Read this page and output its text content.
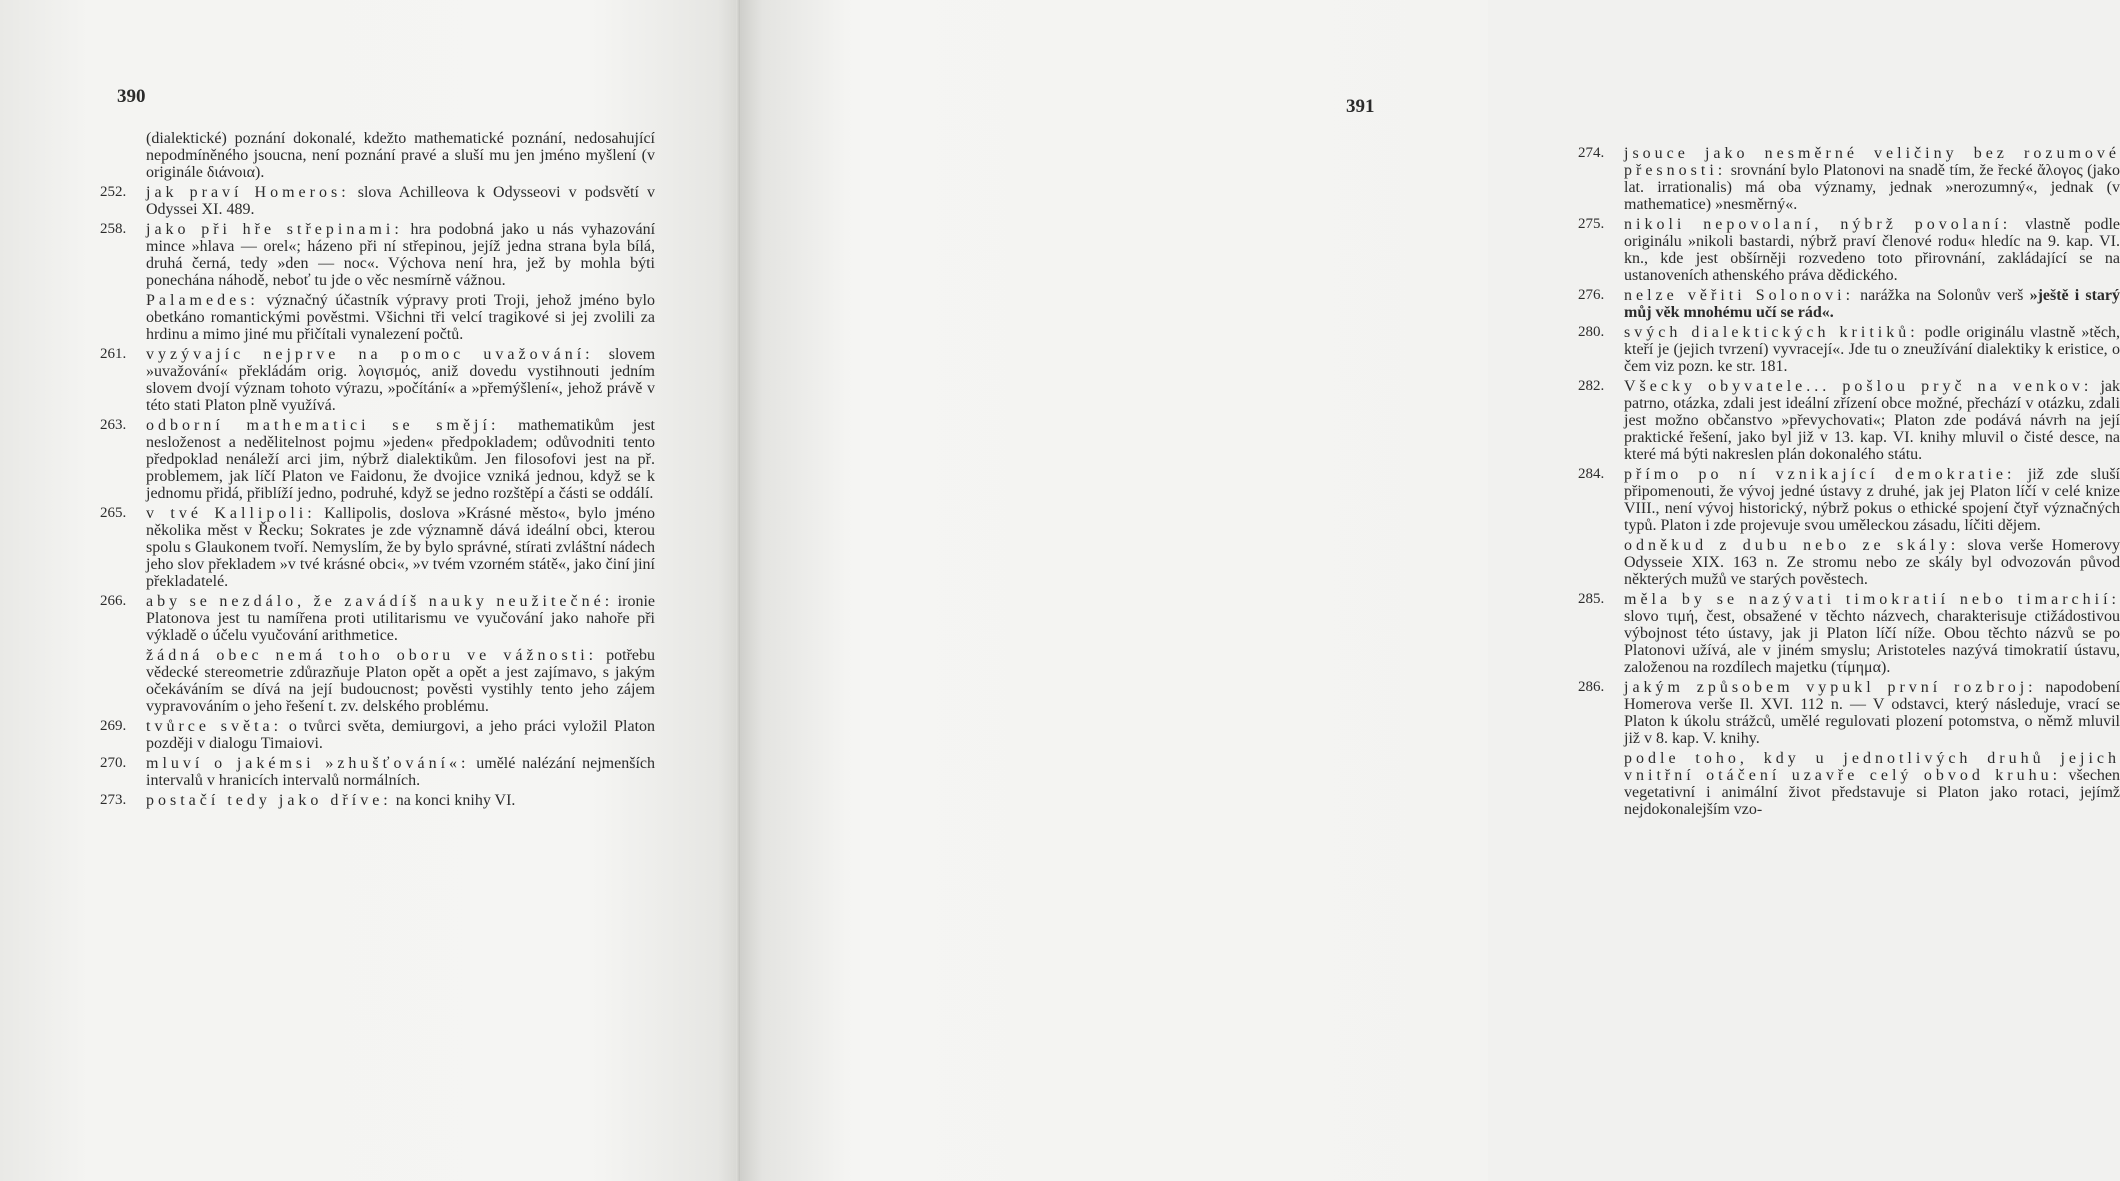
390

(dialektické) poznání dokonalé, kdežto mathematické poznání, nedosahující nepodmíněného jsoucna, není poznání pravé a sluší mu jen jméno myšlení (v originále διάνοια).

252.	jak praví Homeros: slova Achilleova k Odysseovi v podsvětí v Odyssei XI. 489.

258.	jako při hře střepinami: hra podobná jako u nás vyhazování mince »hlava — orel«; házeno při ní střepinou, jejíž jedna strana byla bílá, druhá černá, tedy »den — noc«. Výchova není hra, jež by mohla býti ponechána náhodě, neboť tu jde o věc nesmírně vážnou.

Palamedes: význačný účastník výpravy proti Troji, jehož jméno bylo obetkáno romantickými pověstmi. Všichni tři velcí tragikové si jej zvolili za hrdinu a mimo jiné mu přičítali vynalezení počtů.

261.	vyzývajíc nejprve na pomoc uvažování: slovem »uvažování« překládám orig. λογισμός, aniž dovedu vystihnouti jedním slovem dvojí význam tohoto výrazu, »počítání« a »přemýšlení«, jehož právě v této stati Platon plně využívá.

263.	odborní mathematici se smějí: mathematikům jest nesloženost a nedělitelnost pojmu »jeden« předpokladem; odůvodniti tento předpoklad nenáleží arci jim, nýbrž dialektikům. Jen filosofovi jest na př. problemem, jak líčí Platon ve Faidonu, že dvojice vzniká jednou, když se k jednomu přidá, přiblíží jedno, podruhé, když se jedno rozštěpí a části se oddálí.

265.	v tvé Kallipoli: Kallipolis, doslova »Krásné město«, bylo jméno několika měst v Řecku; Sokrates je zde významně dává ideální obci, kterou spolu s Glaukonem tvoří. Nemyslím, že by bylo správné, stírati zvláštní nádech jeho slov překladem »v tvé krásné obci«, »v tvém vzorném státě«, jako činí jiní překladatelé.

266.	aby se nezdálo, že zavádíš nauky neužitečné: ironie Platonova jest tu namířena proti utilitarismu ve vyučování jako nahoře při výkladě o účelu vyučování arithmetice.

žádná obec nemá toho oboru ve vážnosti: potřebu vědecké stereometrie zdůrazňuje Platon opět a opět a jest zajímavo, s jakým očekáváním se dívá na její budoucnost; pověsti vystihly tento jeho zájem vypravováním o jeho řešení t. zv. delského problému.

269.	tvůrce světa: o tvůrci světa, demiurgovi, a jeho práci vyložil Platon později v dialogu Timaiovi.

270.	mluví o jakémsi »zhušťování«: umělé nalézání nejmenších intervalů v hranicích intervalů normálních.

273.	postačí tedy jako dříve: na konci knihy VI.

391

274.	jsouce jako nesměrné veličiny bez rozumové přesnosti: srovnání bylo Platonovi na snadě tím, že řecké ἄλογος (jako lat. irrationalis) má oba významy, jednak »nerozumný«, jednak (v mathematice) »nesměrný«.

275.	nikoli nepovolaní, nýbrž povolaní: vlastně podle originálu »nikoli bastardi, nýbrž praví členové rodu« hledíc na 9. kap. VI. kn., kde jest obšírněji rozvedeno toto přirovnání, zakládající se na ustanoveních athenského práva dědického.

276.	nelze věřiti Solonovi: narážka na Solonův verš »ještě i starý můj věk mnohému učí se rád«.

280.	svých dialektických kritiků: podle originálu vlastně »těch, kteří je (jejich tvrzení) vyvracejí«. Jde tu o zneužívání dialektiky k eristice, o čem viz pozn. ke str. 181.

282.	Všecky obyvatele... pošlou pryč na venkov: jak patrno, otázka, zdali jest ideální zřízení obce možné, přechází v otázku, zdali jest možno občanstvo »převychovati«; Platon zde podává návrh na její praktické řešení, jako byl již v 13. kap. VI. knihy mluvil o čisté desce, na které má býti nakreslen plán dokonalého státu.

284.	přímo po ní vznikající demokratie: již zde sluší připomenouti, že vývoj jedné ústavy z druhé, jak jej Platon líčí v celé knize VIII., není vývoj historický, nýbrž pokus o ethické spojení čtyř význačných typů. Platon i zde projevuje svou uměleckou zásadu, líčiti dějem.

odněkud z dubu nebo ze skály: slova verše Homerovy Odysseie XIX. 163 n. Ze stromu nebo ze skály byl odvozován původ některých mužů ve starých pověstech.

285.	měla by se nazývati timokratií nebo timarchií: slovo τιμή, čest, obsažené v těchto názvech, charakterisuje ctižádostivou výbojnost této ústavy, jak ji Platon líčí níže. Obou těchto názvů se po Platonovi užívá, ale v jiném smyslu; Aristoteles nazývá timokratií ústavu, založenou na rozdílech majetku (τίμημα).

286.	jakým způsobem vypukl první rozbroj: napodobení Homerova verše Il. XVI. 112 n. — V odstavci, který následuje, vrací se Platon k úkolu strážců, umělé regulovati plození potomstva, o němž mluvil již v 8. kap. V. knihy.

podle toho, kdy u jednotlivých druhů jejich vnitřní otáčení uzavře celý obvod kruhu: všechen vegetativní i animální život představuje si Platon jako rotaci, jejímž nejdokonalejším vzo-
